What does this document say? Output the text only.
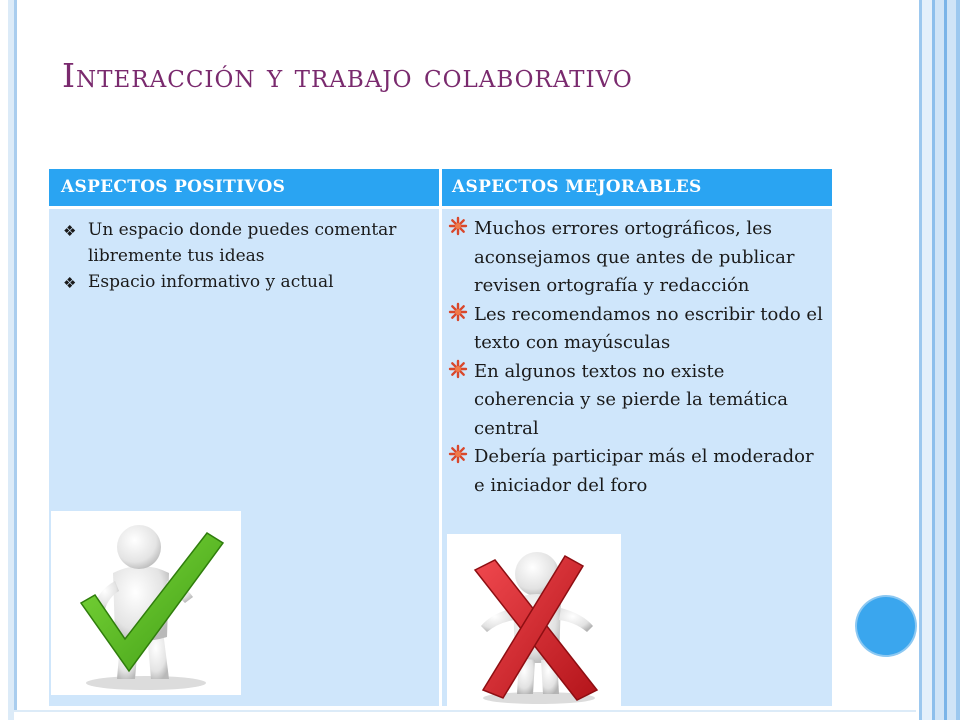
Interacción y trabajo colaborativo
ASPECTOS POSITIVOS	ASPECTOS MEJORABLES
❖ Un espacio donde puedes comentar libremente tus ideas
❖ Espacio informativo y actual
Muchos errores ortográficos, les aconsejamos que antes de publicar revisen ortografía y redacción
Les recomendamos no escribir todo el texto con mayúsculas
En algunos textos no existe coherencia y se pierde la temática central
Debería participar más el moderador e iniciador del foro
